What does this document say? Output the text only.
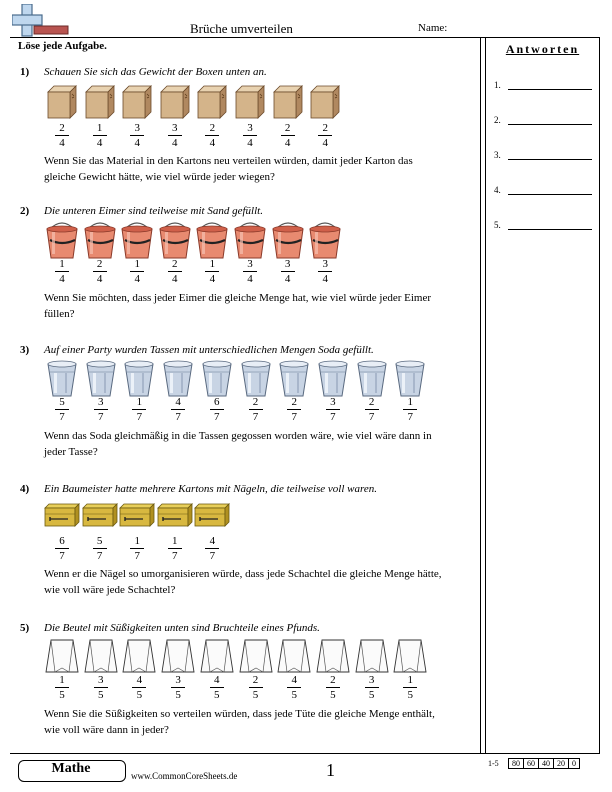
Brüche umverteilen	Name:
Löse jede Aufgabe.	Antworten
1.
2.
3.
4.
5.
1) Schauen Sie sich das Gewicht der Boxen unten an.
2
4
1
4
3
4
3
4
2
4
3
4
2
4
2
4
Wenn Sie das Material in den Kartons neu verteilen würden, damit jeder Karton das
gleiche Gewicht hätte, wie viel würde jeder wiegen?
2) Die unteren Eimer sind teilweise mit Sand gefüllt.
1
4
2
4
1
4
2
4
1
4
3
4
3
4
3
4
Wenn Sie möchten, dass jeder Eimer die gleiche Menge hat, wie viel würde jeder Eimer
füllen?
3) Auf einer Party wurden Tassen mit unterschiedlichen Mengen Soda gefüllt.
5
7
3
7
1
7
4
7
6
7
2
7
2
7
3
7
2
7
1
7
Wenn das Soda gleichmäßig in die Tassen gegossen worden wäre, wie viel wäre dann in
jeder Tasse?
4) Ein Baumeister hatte mehrere Kartons mit Nägeln, die teilweise voll waren.
6
7
5
7
1
7
1
7
4
7
Wenn er die Nägel so umorganisieren würde, dass jede Schachtel die gleiche Menge hätte,
wie voll wäre jede Schachtel?
5) Die Beutel mit Süßigkeiten unten sind Bruchteile eines Pfunds.
1
5
3
5
4
5
3
5
4
5
2
5
4
5
2
5
3
5
1
5
Wenn Sie die Süßigkeiten so verteilen würden, dass jede Tüte die gleiche Menge enthält,
wie voll wäre dann in jeder?
Mathe	www.CommonCoreSheets.de	1	1-5 80	60	40	20	0
